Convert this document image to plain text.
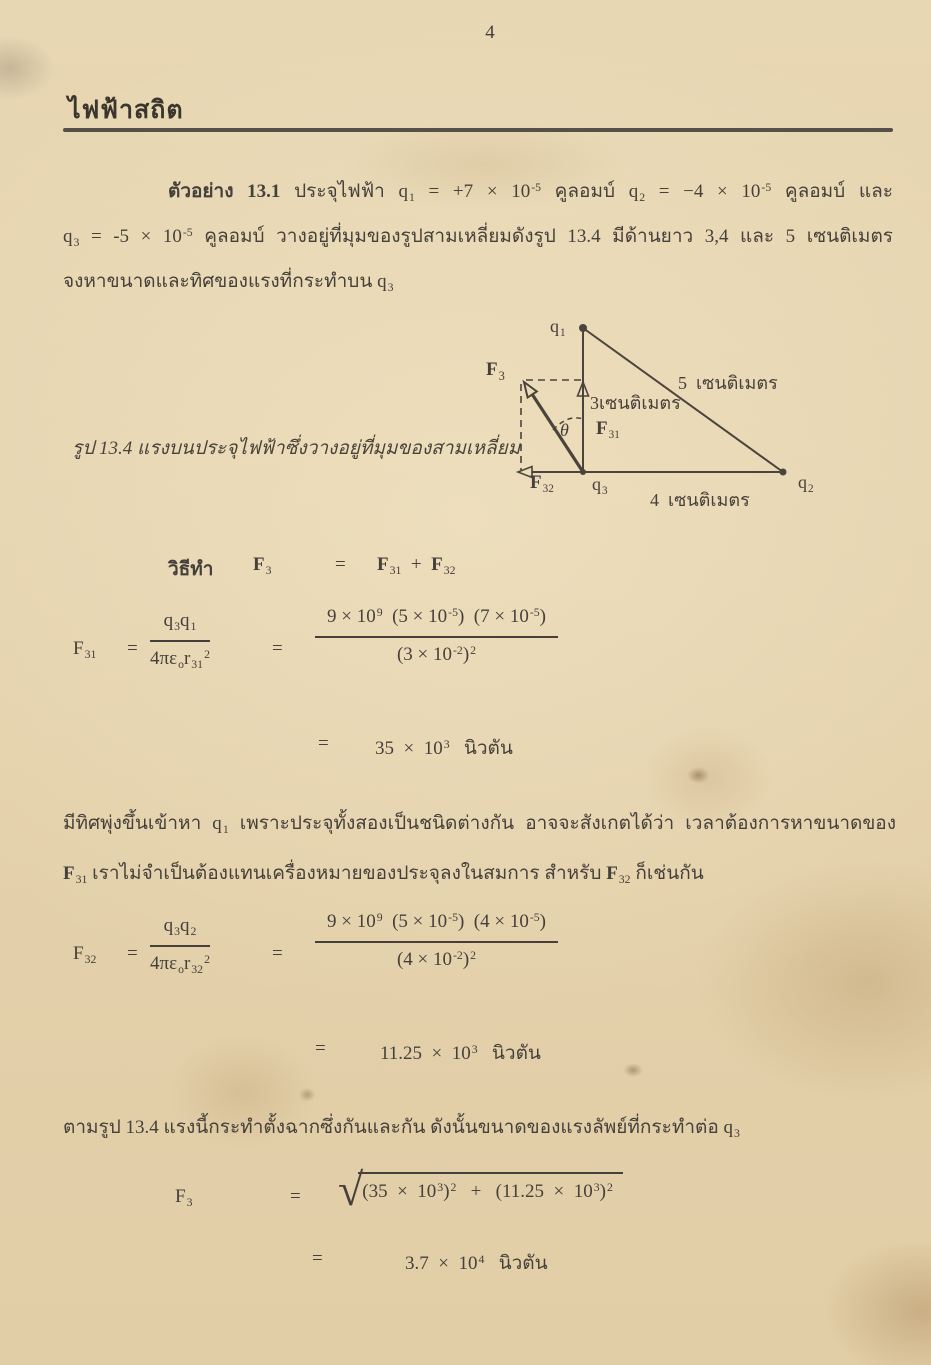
4
ไฟฟ้าสถิต
ตัวอย่าง 13.1 ประจุไฟฟ้า $q_1 = +7 \times 10^{-5}$ คูลอมบ์ $q_2 = -4 \times 10^{-5}$ คูลอมบ์ และ
$q_3 = -5 \times 10^{-5}$ คูลอมบ์ วางอยู่ที่มุมของรูปสามเหลี่ยมดังรูป 13.4 มีด้านยาว 3,4 และ 5 เซนติเมตร
จงหาขนาดและทิศของแรงที่กระทำบน $q_3$
$q_1$
$F_3$	5  เซนติเมตร
3เซนติเมตร
θ $F_{31}$
$F_{32}$ $q_3$ 4  เซนติเมตร
$q_2$
รูป 13.4 แรงบนประจุไฟฟ้าซึ่งวางอยู่ที่มุมของสามเหลี่ยม
วิธีทำ $F_3$	= $F_{31} + F_{32}$
$F_{31}$ =
$q_3q_1$
$4\pi\varepsilon_or_{31}^2$	= $\frac{9 \times 10^9 (5 \times 10^{-5}) (7 \times 10^{-5})}{(3 \times 10^{-2})^2}$
= $35 \times 10^3$   นิวตัน
มีทิศพุ่งขึ้นเข้าหา $q_1$ เพราะประจุทั้งสองเป็นชนิดต่างกัน อาจจะสังเกตได้ว่า เวลาต้องการหาขนาดของ
$F_{31}$ เราไม่จำเป็นต้องแทนเครื่องหมายของประจุลงในสมการ สำหรับ $F_{32}$ ก็เช่นกัน
$F_{32}$ =
$q_3q_2$
$4\pi\varepsilon_or_{32}^2$	= $\frac{9 \times 10^9 (5 \times 10^{-5}) (4 \times 10^{-5})}{(4 \times 10^{-2})^2}$
=	$11.25 \times 10^3$   นิวตัน
ตามรูป 13.4 แรงนี้กระทำตั้งฉากซึ่งกันและกัน ดังนั้นขนาดของแรงลัพย์ที่กระทำต่อ $q_3$
$F_3$	= √ $(35 \times 10^3)^2 + (11.25 \times 10^3)^2$
=	$3.7 \times 10^4$   นิวตัน
